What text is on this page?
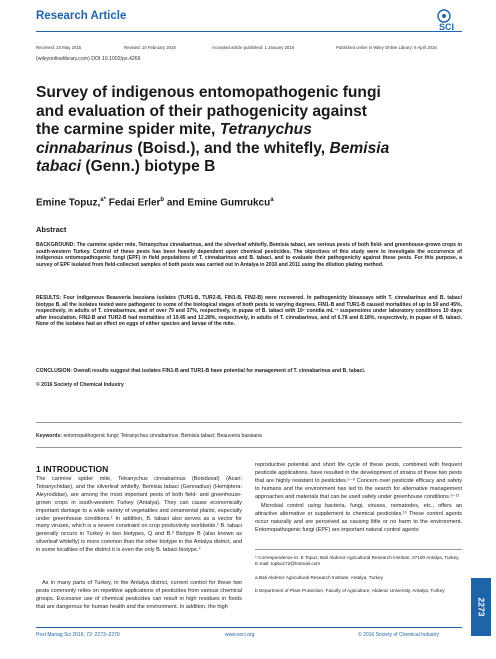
Research Article
SCI
Received: 24 May 2015	Revised: 10 February 2016	Accepted article published: 1 January 2016	Published online in Wiley Online Library: 6 April 2016
(wileyonlinelibrary.com) DOI 10.1002/ps.4266
Survey of indigenous entomopathogenic fungi
and evaluation of their pathogenicity against
the carmine spider mite, Tetranychus
cinnabarinus (Boisd.), and the whitefly, Bemisia
tabaci (Genn.) biotype B
Emine Topuz,$^{a*}$ Fedai Erler$^b$ and Emine Gumrukcu$^a$
Abstract
BACKGROUND: The carmine spider mite, Tetranychus cinnabarinus, and the silverleaf whitefly, Bemisia tabaci, are serious pests of both field- and greenhouse-grown crops in south-western Turkey. Control of these pests has been heavily dependent upon chemical pesticides. The objectives of this study were to investigate the occurrence of indigenous entomopathogenic fungi (EPF) in field populations of T. cinnabarinus and B. tabaci, and to evaluate their pathogenicity against these pests. For this purpose, a survey of EPF isolated from field-collected samples of both pests was carried out in Antalya in 2010 and 2011 using the dilution plating method.
RESULTS: Four indigenous Beauveria bassiana isolates (TUR1-B, TUR2-B, FIN1-B, FIN2-B) were recovered. In pathogenicity bioassays with T. cinnabarinus and B. tabaci biotype B, all the isolates tested were pathogenic to some of the biological stages of both pests to varying degrees. FIN1-B and TUR1-B caused mortalities of up to 50 and 45%, respectively, in adults of T. cinnabarinus, and of over 79 and 37%, respectively, in pupae of B. tabaci with 10⁷ conidia mL⁻¹ suspensions under laboratory conditions 10 days after inoculation. FIN2-B and TUR2-B had mortalities of 19.45 and 12.28%, respectively, in adults of T. cinnabarinus, and of 6.78 and 8.18%, respectively, in pupae of B. tabaci. None of the isolates had an effect on eggs of either species and larvae of the mite.
CONCLUSION: Overall results suggest that isolates FIN1-B and TUR1-B have potential for management of T. cinnabarinus and B. tabaci.
© 2016 Society of Chemical Industry
Keywords: entomopathogenic fungi; Tetranychus cinnabarinus; Bemisia tabaci; Beauveria bassiana
1 INTRODUCTION
The carmine spider mite, Tetranychus cinnabarinus (Boisduval) (Acari: Tetranychidae), and the silverleaf whitefly, Bemisia tabaci (Gennadius) (Hemiptera: Aleyrodidae), are among the most important pests of both field- and greenhouse-grown crops in south-western Turkey (Antalya). They can cause economically important damage to a wide variety of vegetables and ornamental plants, especially under greenhouse conditions.¹ In addition, B. tabaci also serves as a vector for many viruses, which is a severe constraint on crop productivity worldwide.² B. tabaci generally occurs in Turkey in two biotypes, Q and B.³ Biotype B (also known as silverleaf whitefly) is more common than the other biotype in the Antalya district, and in some localities of the district it is even the only B. tabaci biotype.⁴
As in many parts of Turkey, in the Antalya district, current control for these two pests commonly relies on repetitive applications of pesticides from various chemical groups. Excessive use of chemical pesticides can result in high residues in foods that are dangerous for human health and the environment. In addition, the high
reproductive potential and short life cycle of these pests, combined with frequent pesticide applications, have resulted in the development of strains of these two pests that are highly resistant to pesticides.⁵⁻⁸ Concern over pesticide efficacy and safety to humans and the environment has led to the search for alternative management approaches and materials that can be used safely under greenhouse conditions.⁹⁻¹²
Microbial control using bacteria, fungi, viruses, nematodes, etc., offers an attractive alternative or supplement to chemical pesticides.¹³ These control agents occur naturally and are perceived as causing little or no harm to the environment. Entomopathogenic fungi (EPF) are important natural control agents
* Correspondence to: E Topuz, Bati Akdeniz Agricultural Research Institute, 07100 Antalya, Turkey. E-mail: topbuz72@hotmail.com
a Bati Akdeniz Agricultural Research Institute, Antalya, Turkey
b Department of Plant Protection, Faculty of Agriculture, Akdeniz University, Antalya, Turkey
Pest Manag Sci 2016; 72: 2273–2279	www.soci.org	© 2016 Society of Chemical Industry
2273
